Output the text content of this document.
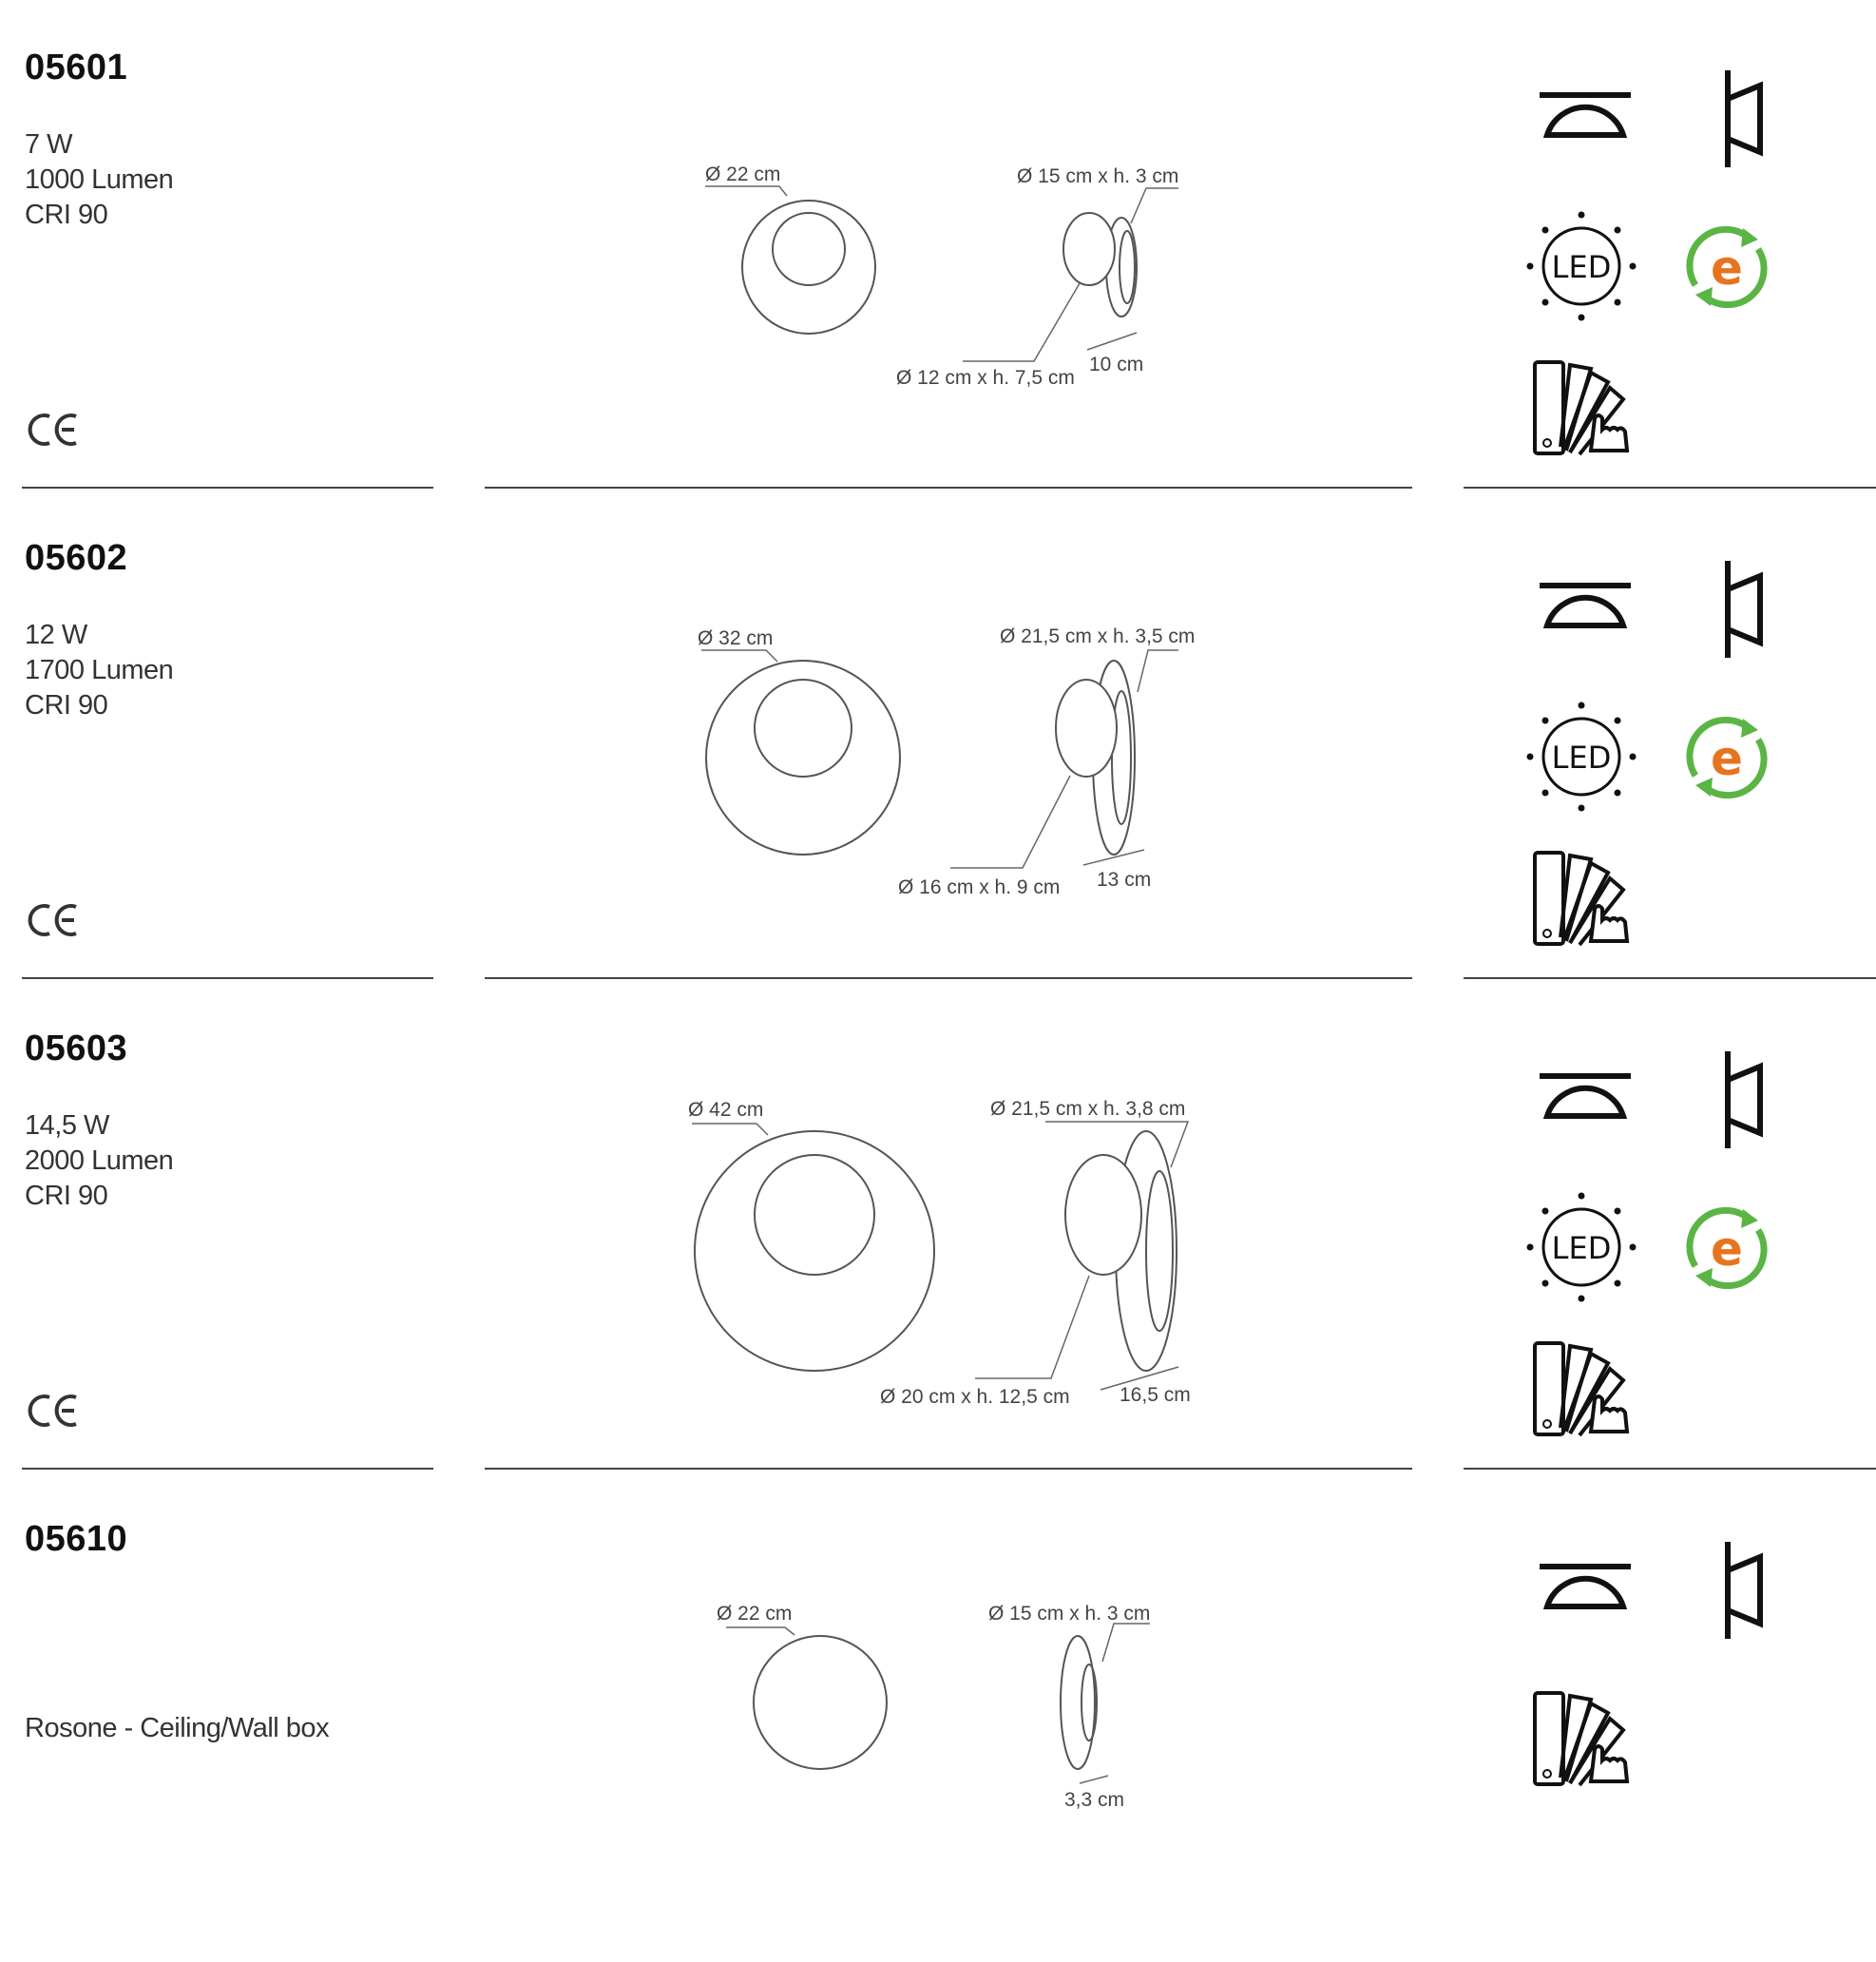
05601
7 W
1000 Lumen
CRI 90
Ø 22 cm	Ø 15 cm x h. 3 cm
Ø 12 cm x h. 7,5 cm
10 cm
LED e
05602
12 W
1700 Lumen
CRI 90
Ø 32 cm	Ø 21,5 cm x h. 3,5 cm
Ø 16 cm x h. 9 cm 13 cm
LED e
05603
14,5 W
2000 Lumen
CRI 90
Ø 42 cm	Ø 21,5 cm x h. 3,8 cm
Ø 20 cm x h. 12,5 cm 16,5 cm
LED e
05610
Rosone - Ceiling/Wall box
Ø 22 cm	Ø 15 cm x h. 3 cm
3,3 cm
